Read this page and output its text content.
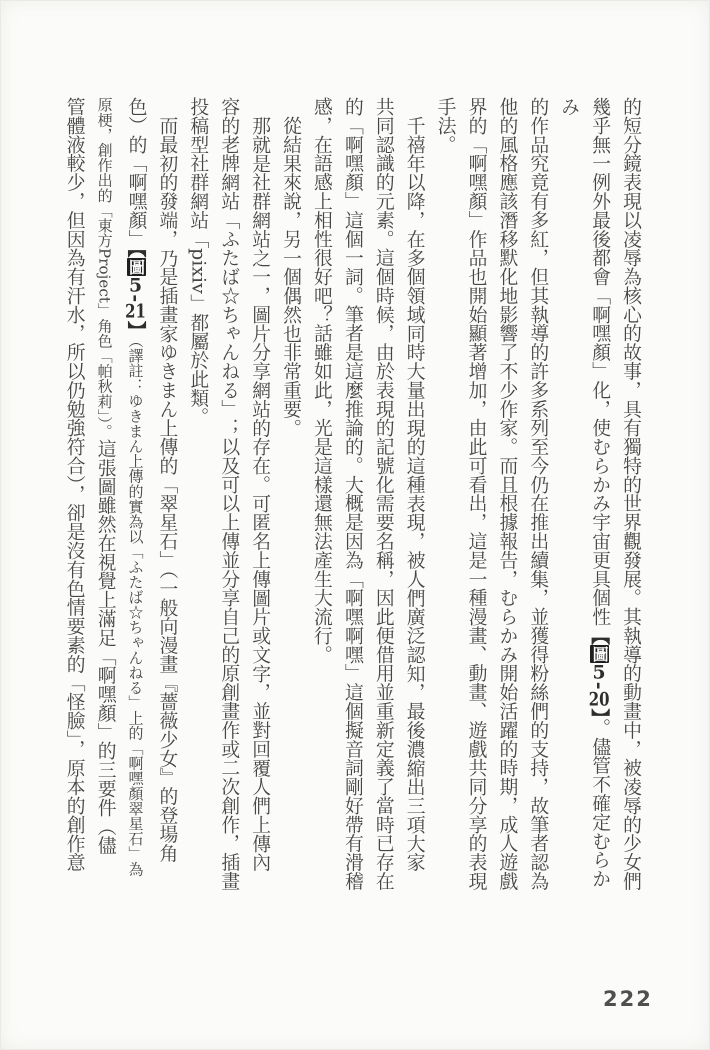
的短分鏡表現以凌辱為核心的故事，具有獨特的世界觀發展。其執導的動畫中，被凌辱的少女們
幾乎無一例外最後都會「啊嘿顏」化，使むらかみ宇宙更具個性【圖5-20】。儘管不確定むらかみ
的作品究竟有多紅，但其執導的許多系列至今仍在推出續集，並獲得粉絲們的支持，故筆者認為
他的風格應該潛移默化地影響了不少作家。而且根據報告，むらかみ開始活躍的時期，成人遊戲
界的「啊嘿顏」作品也開始顯著增加，由此可看出，這是一種漫畫、動畫、遊戲共同分享的表現
手法。
千禧年以降，在多個領域同時大量出現的這種表現，被人們廣泛認知，最後濃縮出三項大家
共同認識的元素。這個時候，由於表現的記號化需要名稱，因此便借用並重新定義了當時已存在
的「啊嘿顏」這個一詞。筆者是這麼推論的。大概是因為「啊嘿啊嘿」這個擬音詞剛好帶有滑稽
感，在語感上相性很好吧？話雖如此，光是這樣還無法產生大流行。
從結果來說，另一個偶然也非常重要。
那就是社群網站之一，圖片分享網站的存在。可匿名上傳圖片或文字，並對回覆人們上傳內
容的老牌網站「ふたば☆ちゃんねる」；以及可以上傳並分享自己的原創畫作或二次創作，插畫
投稿型社群網站「pixiv」都屬於此類。
而最初的發端，乃是插畫家ゆきまん上傳的「翠星石」（一般向漫畫『薔薇少女』的登場角
色）的「啊嘿顏」【圖5-21】（譯註：ゆきまん上傳的實為以「ふたば☆ちゃんねる」上的「啊嘿顏翠星石」為
原梗，創作出的「東方Project」角色「帕秋莉」）。這張圖雖然在視覺上滿足「啊嘿顏」的三要件（儘
管體液較少，但因為有汗水，所以仍勉強符合），卻是沒有色情要素的「怪臉」，原本的創作意
222
